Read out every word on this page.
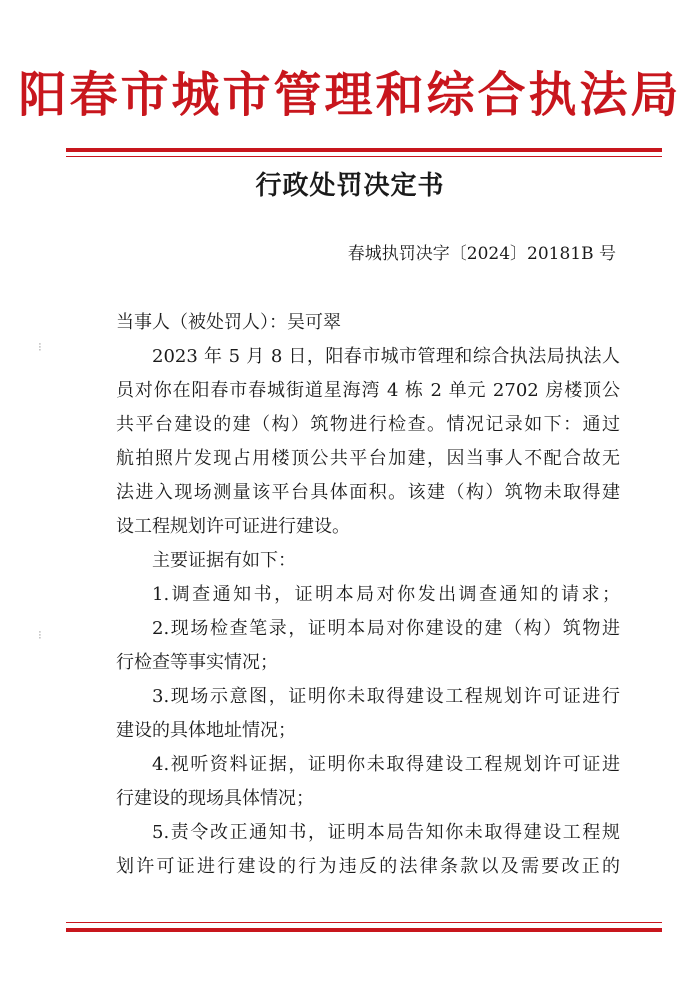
阳春市城市管理和综合执法局
行政处罚决定书
春城执罚决字〔2024〕20181B 号
当事人（被处罚人）：吴可翠
2023 年 5 月 8 日，阳春市城市管理和综合执法局执法人
员对你在阳春市春城街道星海湾 4 栋 2 单元 2702 房楼顶公
共平台建设的建（构）筑物进行检查。情况记录如下：通过
航拍照片发现占用楼顶公共平台加建，因当事人不配合故无
法进入现场测量该平台具体面积。该建（构）筑物未取得建
设工程规划许可证进行建设。
主要证据有如下：
1.调查通知书，证明本局对你发出调查通知的请求；
2.现场检查笔录，证明本局对你建设的建（构）筑物进
行检查等事实情况；
3.现场示意图，证明你未取得建设工程规划许可证进行
建设的具体地址情况；
4.视听资料证据，证明你未取得建设工程规划许可证进
行建设的现场具体情况；
5.责令改正通知书，证明本局告知你未取得建设工程规
划许可证进行建设的行为违反的法律条款以及需要改正的
⁝
⁝
